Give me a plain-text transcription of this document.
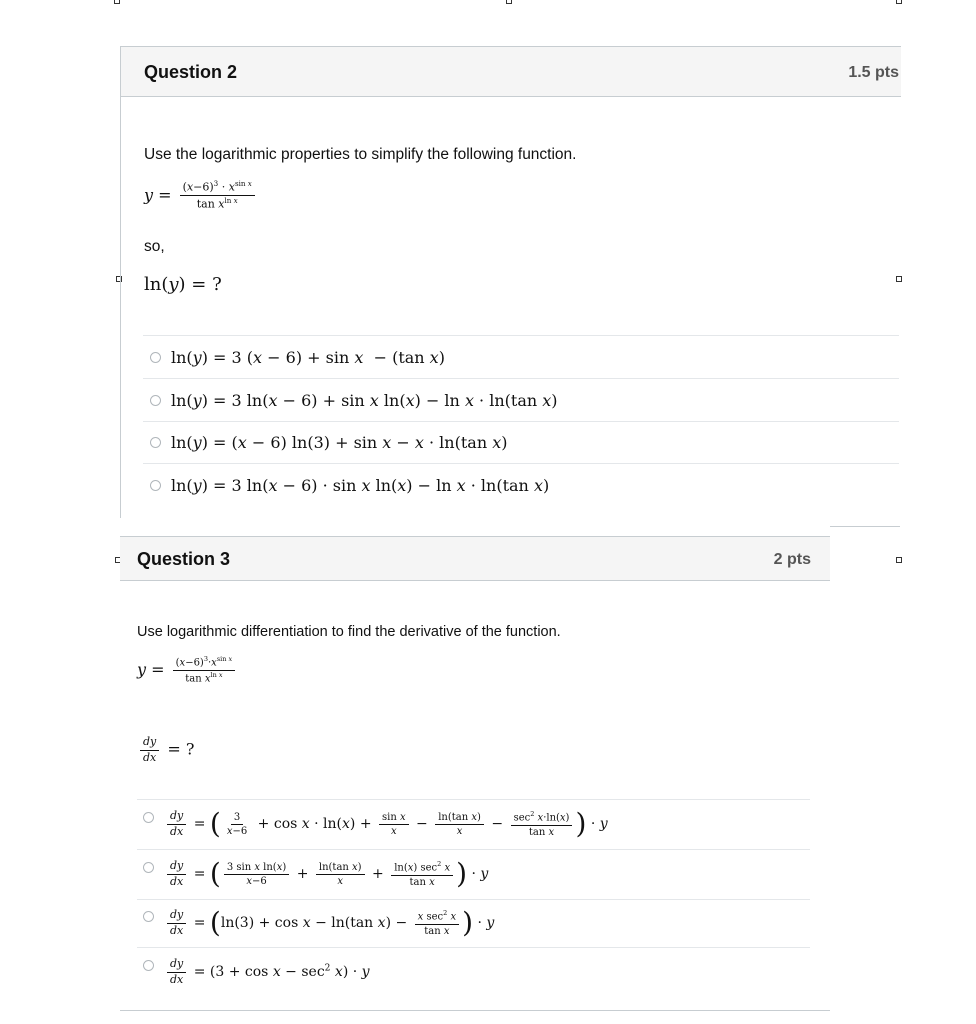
Question 2	1.5 pts
Use the logarithmic properties to simplify the following function.
$y = \frac{(x-6)^3 \cdot x^{sin x}}{\tan x^{ln x}}$
so,
ln(y) = ?
ln(y) = 3 (x − 6) + sin x  − (tan x)
ln(y) = 3 ln(x − 6) + sin x ln(x) − ln x · ln(tan x)
ln(y) = (x − 6) ln(3) + sin x − x · ln(tan x)
ln(y) = 3 ln(x − 6) · sin x ln(x) − ln x · ln(tan x)
Question 3	2 pts
Use logarithmic differentiation to find the derivative of the function.
$y = \frac{(x-6)^3\cdot x^{sin x}}{\tan x^{ln x}}$
$\frac{dy}{dx}$ = ?
$\frac{dy}{dx}$ = ( $\frac{3}{x-6} + \cos x \cdot \ln(x) + \frac{\text{sin x}}{x} - \frac{\text{ln(tan x)}}{x} - \frac{\sec^2 x\cdot\ln(x)}{\text{tan x}}$ ) · y
$\frac{dy}{dx}$ = ( $\frac{\text{3 sin x ln(x)}}{x-6} + \frac{\text{ln(tan x)}}{x} + \frac{\ln(x) \sec^2 x}{\text{tan x}}$ ) · y
$\frac{dy}{dx} = (\ln(3) + \cos x - \ln(\tan$ $x) - \frac{x \sec^2 x}{\text{tan x}}$ ) · y
$\frac{dy}{dx} = (3 + \cos x - \sec^2 x) \cdot y$
